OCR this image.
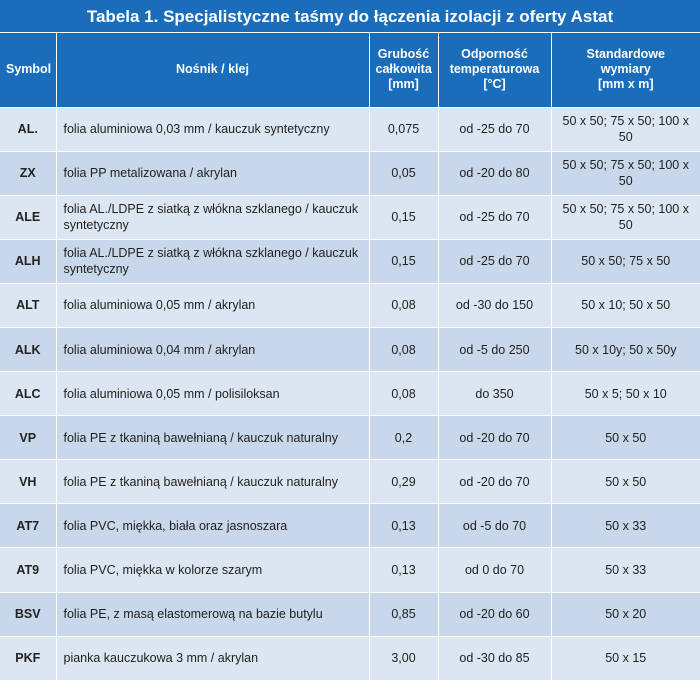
Tabela 1. Specjalistyczne taśmy do łączenia izolacji z oferty Astat
Symbol	Nośnik / klej	Grubość
całkowita
[mm]	Odporność
temperaturowa
[°C]	Standardowe
wymiary
[mm x m]

AL.	folia aluminiowa 0,03 mm / kauczuk syntetyczny	0,075	od -25 do 70	50 x 50; 75 x 50; 100 x 50
ZX	folia PP metalizowana / akrylan	0,05	od -20 do 80	50 x 50; 75 x 50; 100 x 50
ALE	folia AL./LDPE z siatką z włókna szklanego / kauczuk syntetyczny	0,15	od -25 do 70	50 x 50; 75 x 50; 100 x 50
ALH	folia AL./LDPE z siatką z włókna szklanego / kauczuk syntetyczny	0,15	od -25 do 70	50 x 50; 75 x 50
ALT	folia aluminiowa 0,05 mm / akrylan	0,08	od -30 do 150	50 x 10; 50 x 50
ALK	folia aluminiowa 0,04 mm / akrylan	0,08	od -5 do 250	50 x 10y; 50 x 50y
ALC	folia aluminiowa 0,05 mm / polisiloksan	0,08	do 350	50 x 5; 50 x 10
VP	folia PE z tkaniną bawełnianą / kauczuk naturalny	0,2	od -20 do 70	50 x 50
VH	folia PE z tkaniną bawełnianą / kauczuk naturalny	0,29	od -20 do 70	50 x 50
AT7	folia PVC, miękka, biała oraz jasnoszara	0,13	od -5 do 70	50 x 33
AT9	folia PVC, miękka w kolorze szarym	0,13	od 0 do 70	50 x 33
BSV	folia PE, z masą elastomerową na bazie butylu	0,85	od -20 do 60	50 x 20
PKF	pianka kauczukowa 3 mm / akrylan	3,00	od -30 do 85	50 x 15
